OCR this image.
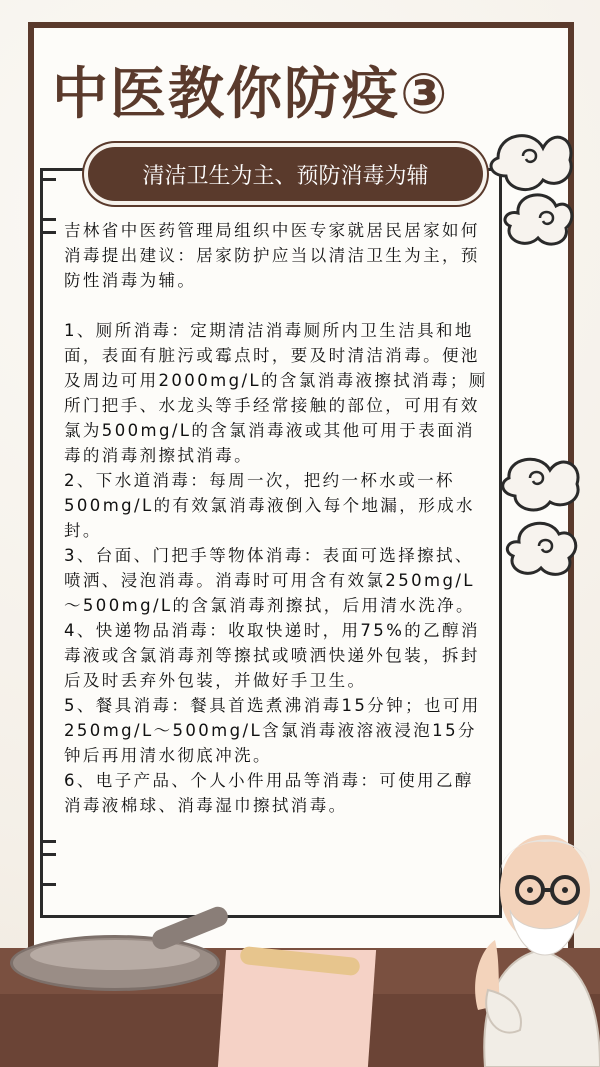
中医教你防疫③
清洁卫生为主、预防消毒为辅

吉林省中医药管理局组织中医专家就居民居家如何消毒提出建议：居家防护应当以清洁卫生为主，预防性消毒为辅。

1、厕所消毒：定期清洁消毒厕所内卫生洁具和地面，表面有脏污或霉点时，要及时清洁消毒。便池及周边可用2000mg/L的含氯消毒液擦拭消毒；厕所门把手、水龙头等手经常接触的部位，可用有效氯为500mg/L的含氯消毒液或其他可用于表面消毒的消毒剂擦拭消毒。

2、下水道消毒：每周一次，把约一杯水或一杯500mg/L的有效氯消毒液倒入每个地漏，形成水封。

3、台面、门把手等物体消毒：表面可选择擦拭、喷洒、浸泡消毒。消毒时可用含有效氯250mg/L～500mg/L的含氯消毒剂擦拭，后用清水洗净。

4、快递物品消毒：收取快递时，用75%的乙醇消毒液或含氯消毒剂等擦拭或喷洒快递外包装，拆封后及时丢弃外包装，并做好手卫生。

5、餐具消毒：餐具首选煮沸消毒15分钟；也可用250mg/L～500mg/L含氯消毒液溶液浸泡15分钟后再用清水彻底冲洗。

6、电子产品、个人小件用品等消毒：可使用乙醇消毒液棉球、消毒湿巾擦拭消毒。
